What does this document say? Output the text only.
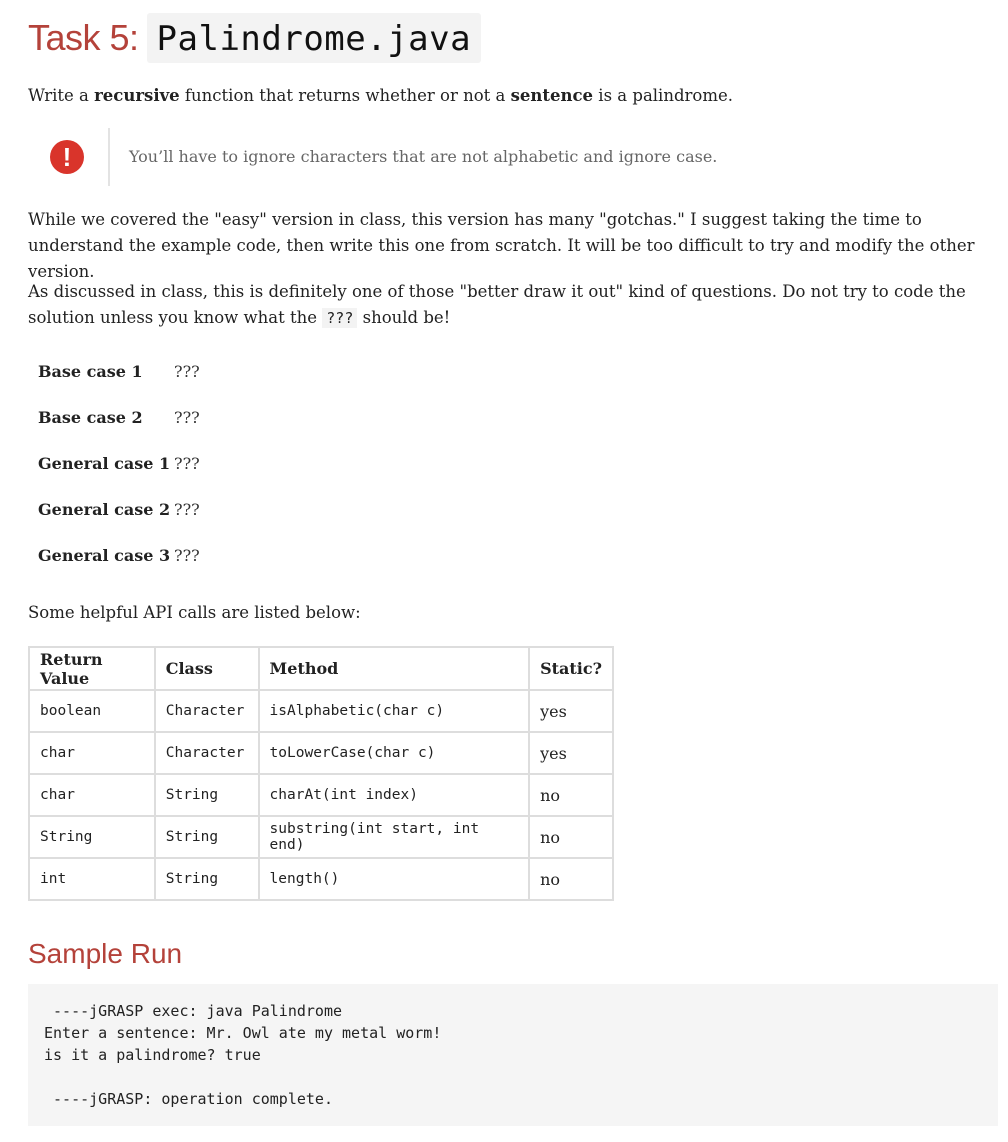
Task 5: Palindrome.java

Write a recursive function that returns whether or not a sentence is a palindrome.

!	You’ll have to ignore characters that are not alphabetic and ignore case.

While we covered the "easy" version in class, this version has many "gotchas." I suggest taking the time to understand the example code, then write this one from scratch. It will be too difficult to try and modify the other version.

As discussed in class, this is definitely one of those "better draw it out" kind of questions. Do not try to code the solution unless you know what the ??? should be!

Base case 1	???
Base case 2	???
General case 1	???
General case 2	???
General case 3	???

Some helpful API calls are listed below:

Return Value	Class	Method	Static?
boolean	Character	isAlphabetic(char c)	yes
char	Character	toLowerCase(char c)	yes
char	String	charAt(int index)	no
String	String	substring(int start, int end)	no
int	String	length()	no
Sample Run
----jGRASP exec: java Palindrome
Enter a sentence: Mr. Owl ate my metal worm!
is it a palindrome? true
----jGRASP: operation complete.
